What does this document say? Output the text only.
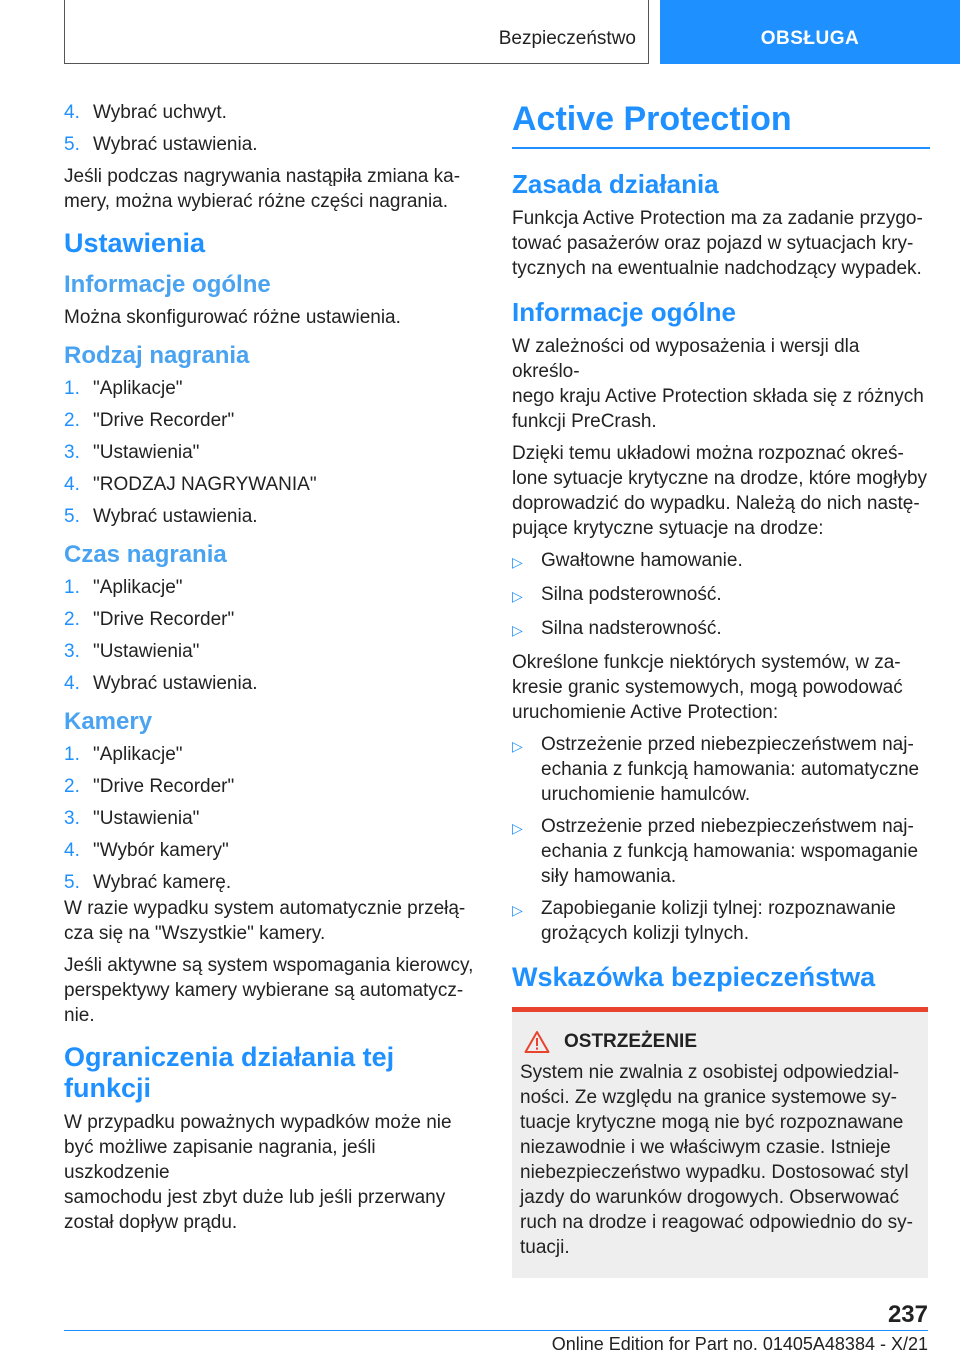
Bezpieczeństwo	OBSŁUGA
4. Wybrać uchwyt.
5. Wybrać ustawienia.

Jeśli podczas nagrywania nastąpiła zmiana ka-
mery, można wybierać różne części nagrania.

Ustawienia
Informacje ogólne

Można skonfigurować różne ustawienia.

Rodzaj nagrania
1. "Aplikacje"
2. "Drive Recorder"
3. "Ustawienia"
4. "RODZAJ NAGRYWANIA"
5. Wybrać ustawienia.
Czas nagrania
1. "Aplikacje"
2. "Drive Recorder"
3. "Ustawienia"
4. Wybrać ustawienia.
Kamery
1. "Aplikacje"
2. "Drive Recorder"
3. "Ustawienia"
4. "Wybór kamery"
5. Wybrać kamerę.

W razie wypadku system automatycznie przełą-
cza się na "Wszystkie" kamery.

Jeśli aktywne są system wspomagania kierowcy,
perspektywy kamery wybierane są automatycz-
nie.

Ograniczenia działania tej funkcji

W przypadku poważnych wypadków może nie
być możliwe zapisanie nagrania, jeśli uszkodzenie
samochodu jest zbyt duże lub jeśli przerwany
został dopływ prądu.

Active Protection
Zasada działania

Funkcja Active Protection ma za zadanie przygo-
tować pasażerów oraz pojazd w sytuacjach kry-
tycznych na ewentualnie nadchodzący wypadek.

Informacje ogólne

W zależności od wyposażenia i wersji dla określo-
nego kraju Active Protection składa się z różnych
funkcji PreCrash.

Dzięki temu układowi można rozpoznać okreś-
lone sytuacje krytyczne na drodze, które mogłyby
doprowadzić do wypadku. Należą do nich nastę-
pujące krytyczne sytuacje na drodze:

▷ Gwałtowne hamowanie.
▷ Silna podsterowność.
▷ Silna nadsterowność.

Określone funkcje niektórych systemów, w za-
kresie granic systemowych, mogą powodować
uruchomienie Active Protection:

▷ Ostrzeżenie przed niebezpieczeństwem naj-
echania z funkcją hamowania: automatyczne
uruchomienie hamulców.
▷ Ostrzeżenie przed niebezpieczeństwem naj-
echania z funkcją hamowania: wspomaganie
siły hamowania.
▷ Zapobieganie kolizji tylnej: rozpoznawanie
grożących kolizji tylnych.
Wskazówka bezpieczeństwa
OSTRZEŻENIE

System nie zwalnia z osobistej odpowiedzial-
ności. Ze względu na granice systemowe sy-
tuacje krytyczne mogą nie być rozpoznawane
niezawodnie i we właściwym czasie. Istnieje
niebezpieczeństwo wypadku. Dostosować styl
jazdy do warunków drogowych. Obserwować
ruch na drodze i reagować odpowiednio do sy-
tuacji.

237
Online Edition for Part no. 01405A48384 - X/21
